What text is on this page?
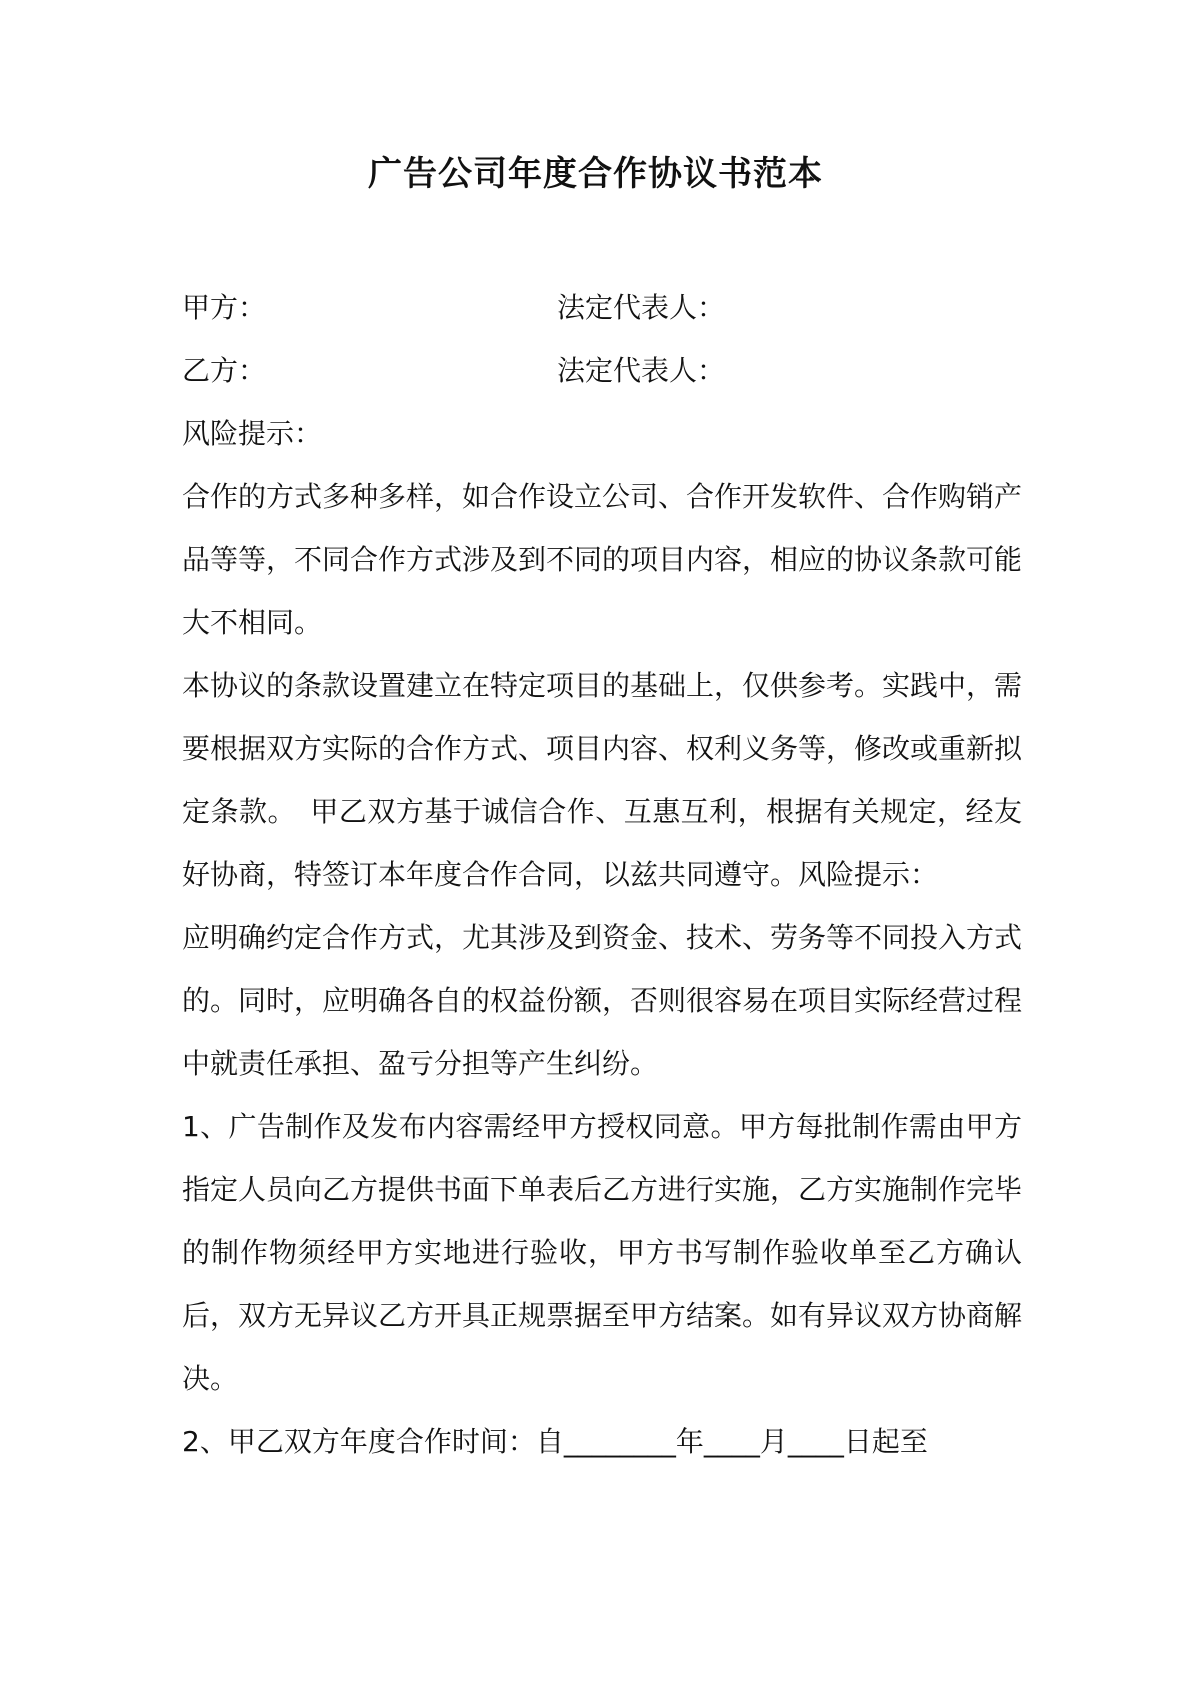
广告公司年度合作协议书范本
甲方：	法定代表人：
乙方：	法定代表人：

风险提示：

合作的方式多种多样，如合作设立公司、合作开发软件、合作购销产品等等，不同合作方式涉及到不同的项目内容，相应的协议条款可能大不相同。

本协议的条款设置建立在特定项目的基础上，仅供参考。实践中，需要根据双方实际的合作方式、项目内容、权利义务等，修改或重新拟定条款。　甲乙双方基于诚信合作、互惠互利，根据有关规定，经友好协商，特签订本年度合作合同，以兹共同遵守。风险提示：

应明确约定合作方式，尤其涉及到资金、技术、劳务等不同投入方式的。同时，应明确各自的权益份额，否则很容易在项目实际经营过程中就责任承担、盈亏分担等产生纠纷。

1、广告制作及发布内容需经甲方授权同意。甲方每批制作需由甲方指定人员向乙方提供书面下单表后乙方进行实施，乙方实施制作完毕的制作物须经甲方实地进行验收，甲方书写制作验收单至乙方确认后，双方无异议乙方开具正规票据至甲方结案。如有异议双方协商解决。

2、甲乙双方年度合作时间：自________年____月____日起至
